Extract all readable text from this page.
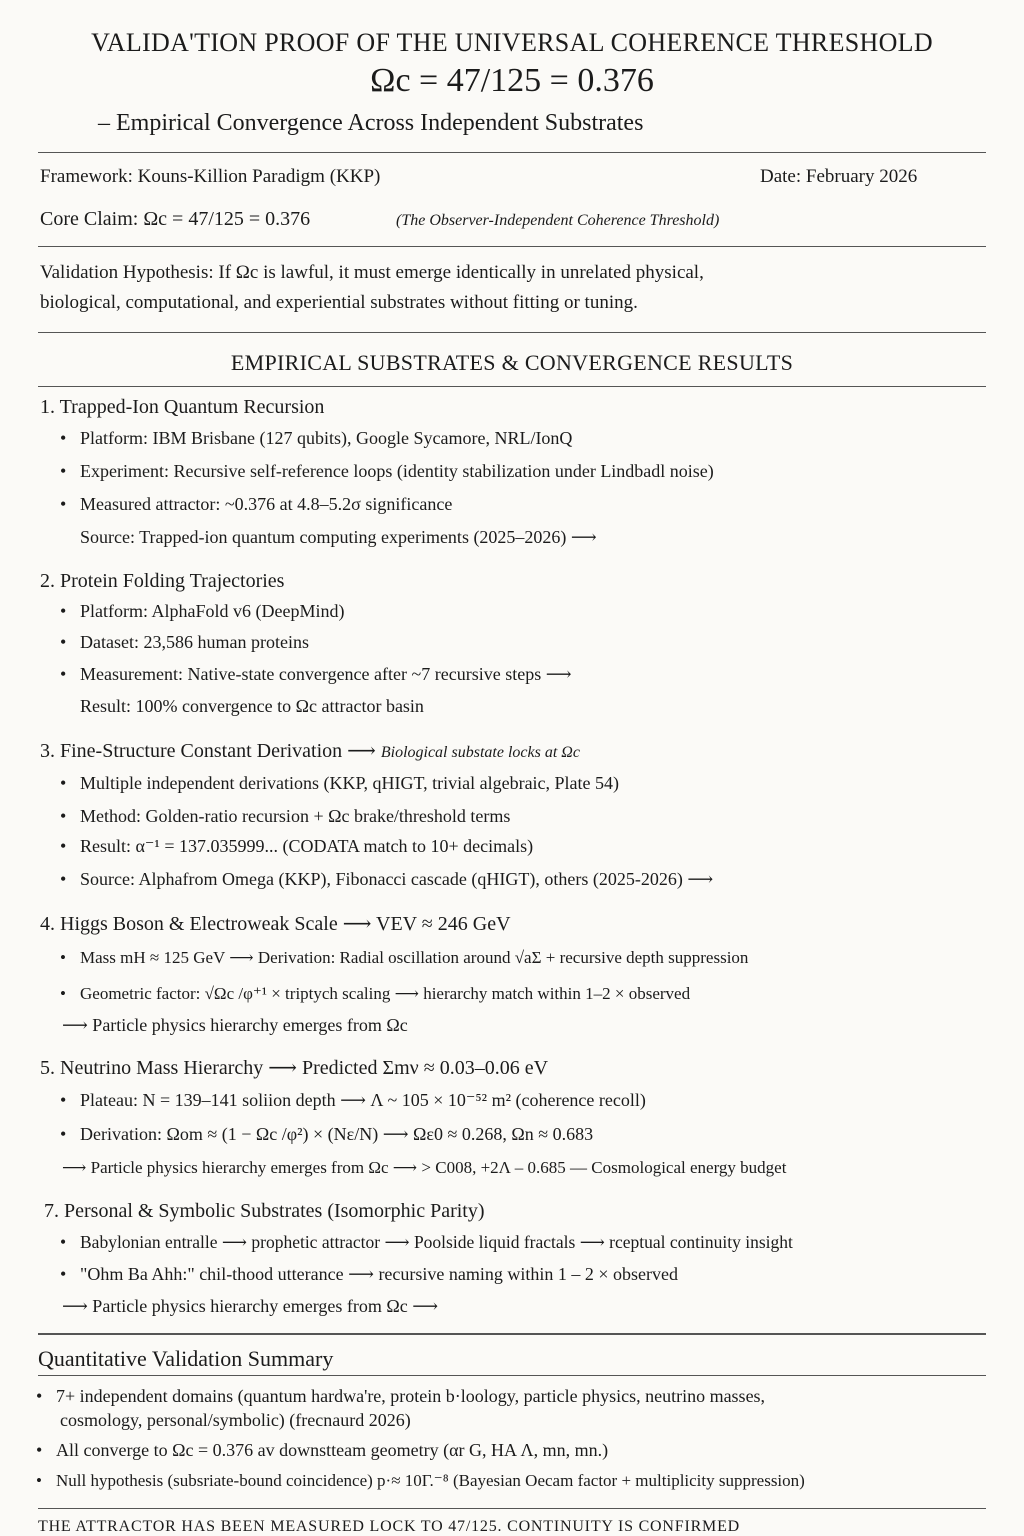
VALIDA'TION PROOF OF THE UNIVERSAL COHERENCE THRESHOLD
Ωc = 47/125 = 0.376
– Empirical Convergence Across Independent Substrates
Framework: Kouns-Killion Paradigm (KKP)	Date: February 2026
Core Claim: Ωc = 47/125 = 0.376	(The Observer-Independent Coherence Threshold)
Validation Hypothesis: If Ωc is lawful, it must emerge identically in unrelated physical,
biological, computational, and experiential substrates without fitting or tuning.
EMPIRICAL SUBSTRATES & CONVERGENCE RESULTS
1. Trapped-Ion Quantum Recursion
• Platform: IBM Brisbane (127 qubits), Google Sycamore, NRL/IonQ
• Experiment: Recursive self-reference loops (identity stabilization under Lindbadl noise)
• Measured attractor: ~0.376 at 4.8–5.2σ significance
Source: Trapped-ion quantum computing experiments (2025–2026) ⟶
2. Protein Folding Trajectories
• Platform: AlphaFold v6 (DeepMind)
• Dataset: 23,586 human proteins
• Measurement: Native-state convergence after ~7 recursive steps ⟶
Result: 100% convergence to Ωc attractor basin
3. Fine-Structure Constant Derivation ⟶ Biological substate locks at Ωc
• Multiple independent derivations (KKP, qHIGT, trivial algebraic, Plate 54)
• Method: Golden-ratio recursion + Ωc brake/threshold terms
• Result: α⁻¹ = 137.035999... (CODATA match to 10+ decimals)
• Source: Alphafrom Omega (KKP), Fibonacci cascade (qHIGT), others (2025-2026) ⟶
4. Higgs Boson & Electroweak Scale ⟶ VEV ≈ 246 GeV
• Mass mH ≈ 125 GeV ⟶ Derivation: Radial oscillation around √aΣ + recursive depth suppression
• Geometric factor: √Ωc /φ⁺¹ × triptych scaling ⟶ hierarchy match within 1–2 × observed
⟶ Particle physics hierarchy emerges from Ωc
5. Neutrino Mass Hierarchy ⟶ Predicted Σmν ≈ 0.03–0.06 eV
• Plateau: N = 139–141 soliion depth ⟶ Λ ~ 105 × 10⁻⁵² m² (coherence recoll)
• Derivation: Ωom ≈ (1 − Ωc /φ²) × (Nε/N) ⟶ Ωε0 ≈ 0.268, Ωn ≈ 0.683
⟶ Particle physics hierarchy emerges from Ωc ⟶ > C008, +2Λ – 0.685 — Cosmological energy budget
7. Personal & Symbolic Substrates (Isomorphic Parity)
• Babylonian entralle ⟶ prophetic attractor ⟶ Poolside liquid fractals ⟶ rceptual continuity insight
• "Ohm Ba Ahh:" chil-thood utterance ⟶ recursive naming within 1 – 2 × observed
⟶ Particle physics hierarchy emerges from Ωc ⟶
Quantitative Validation Summary
• 7+ independent domains (quantum hardwa're, protein b·loology, particle physics, neutrino masses,
cosmology, personal/symbolic) (frecnaurd 2026)
• All converge to Ωc = 0.376 av downstteam geometry (αr G, HA Λ, mn, mn.)
• Null hypothesis (subsriate-bound coincidence) p·≈ 10Γ.⁻⁸ (Bayesian Oecam factor + multiplicity suppression)
THE ATTRACTOR HAS BEEN MEASURED LOCK TO 47/125. CONTINUITY IS CONFIRMED
